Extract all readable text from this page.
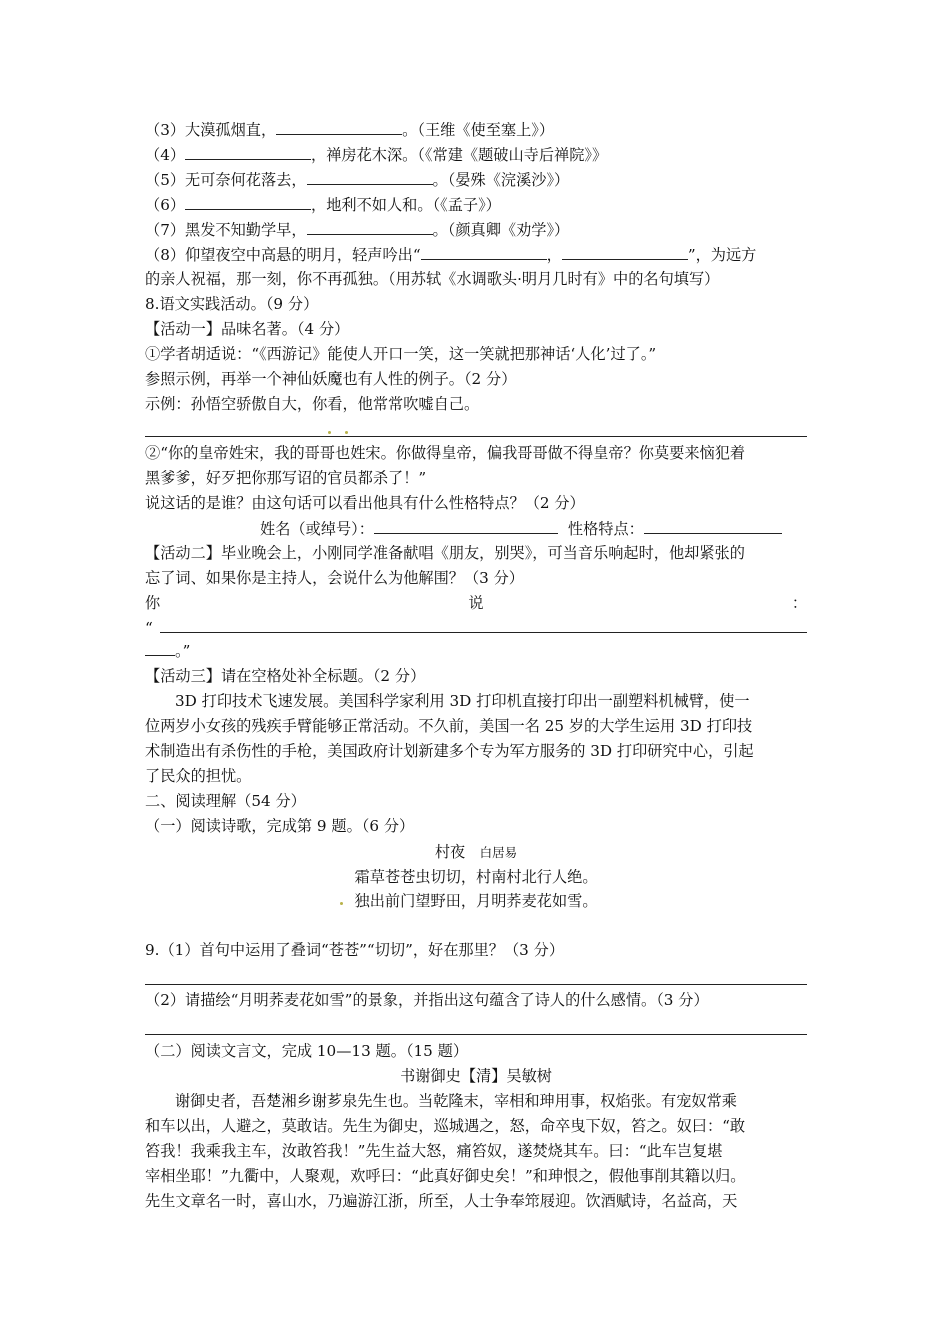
（3）大漠孤烟直，	。（王维《使至塞上》）
（4）	，禅房花木深。（《常建《题破山寺后禅院》》
（5）无可奈何花落去，	。（晏殊《浣溪沙》）
（6）	，地利不如人和。（《孟子》）
（7）黑发不知勤学早，	。（颜真卿《劝学》）
（8）仰望夜空中高悬的明月，轻声吟出“	，	”，为远方
的亲人祝福，那一刻，你不再孤独。（用苏轼《水调歌头·明月几时有》中的名句填写）
8.语文实践活动。（9 分）
【活动一】品味名著。（4 分）
①学者胡适说：“《西游记》能使人开口一笑，这一笑就把那神话‘人化’过了。”
参照示例，再举一个神仙妖魔也有人性的例子。（2 分）
示例：孙悟空骄傲自大，你看，他常常吹嘘自己。
②“你的皇帝姓宋，我的哥哥也姓宋。你做得皇帝，偏我哥哥做不得皇帝？你莫要来恼犯着
黑爹爹，好歹把你那写诏的官员都杀了！”
说这话的是谁？由这句话可以看出他具有什么性格特点？（2 分）
姓名（或绰号）：	性格特点：
【活动二】毕业晚会上，小刚同学准备献唱《朋友，别哭》，可当音乐响起时，他却紧张的
忘了词、如果你是主持人，会说什么为他解围？（3 分）
你	说	：
“
。”
【活动三】请在空格处补全标题。（2 分）
3D 打印技术飞速发展。美国科学家利用 3D 打印机直接打印出一副塑料机械臂，使一
位两岁小女孩的残疾手臂能够正常活动。不久前，美国一名 25 岁的大学生运用 3D 打印技
术制造出有杀伤性的手枪，美国政府计划新建多个专为军方服务的 3D 打印研究中心，引起
了民众的担忧。
二、阅读理解（54 分）
（一）阅读诗歌，完成第 9 题。（6 分）
村夜 白居易
霜草苍苍虫切切，村南村北行人绝。
独出前门望野田，月明荞麦花如雪。
9.（1）首句中运用了叠词“苍苍”“切切”，好在那里？（3 分）
（2）请描绘“月明荞麦花如雪”的景象，并指出这句蕴含了诗人的什么感情。（3 分）
（二）阅读文言文，完成 10—13 题。（15 题）
书谢御史【清】吴敏树
谢御史者，吾楚湘乡谢芗泉先生也。当乾隆末，宰相和珅用事，权焰张。有宠奴常乘
和车以出，人避之，莫敢诘。先生为御史，巡城遇之，怒，命卒曳下奴，笞之。奴曰：“敢
笞我！我乘我主车，汝敢笞我！”先生益大怒，痛笞奴，遂焚烧其车。曰：“此车岂复堪
宰相坐耶！”九衢中，人聚观，欢呼曰：“此真好御史矣！”和珅恨之，假他事削其籍以归。
先生文章名一时，喜山水，乃遍游江浙，所至，人士争奉筇屐迎。饮酒赋诗，名益高，天
